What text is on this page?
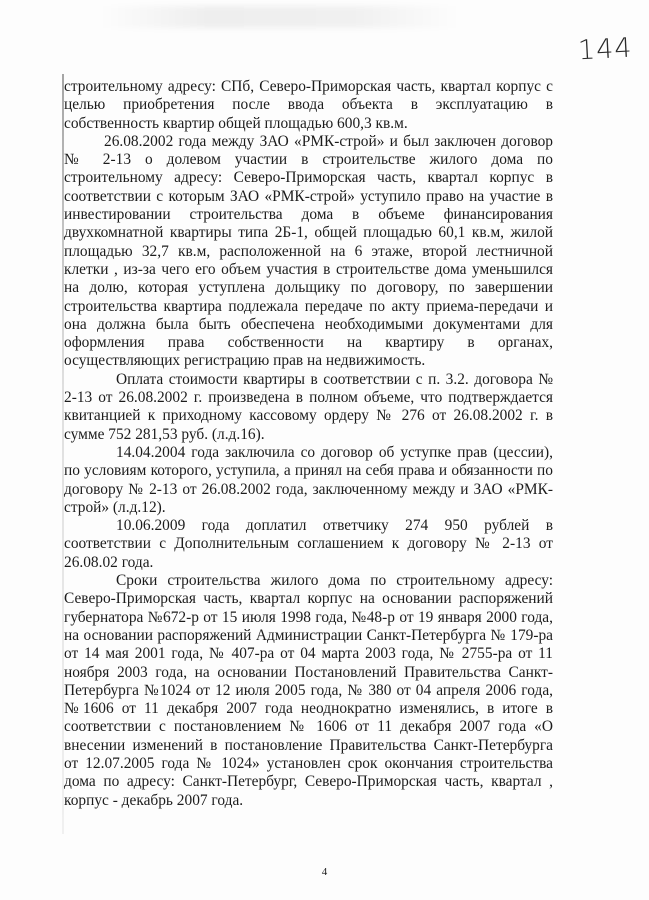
144

строительному адресу: СПб, Северо-Приморская часть, квартал корпус с целью приобретения после ввода объекта в эксплуатацию в собственность квартир общей площадью 600,3 кв.м.

26.08.2002 года между ЗАО «РМК-строй» и был заключен договор № 2-13 о долевом участии в строительстве жилого дома по строительному адресу: Северо-Приморская часть, квартал корпус в соответствии с которым ЗАО «РМК-строй» уступило право на участие в инвестировании строительства дома в объеме финансирования двухкомнатной квартиры типа 2Б-1, общей площадью 60,1 кв.м, жилой площадью 32,7 кв.м, расположенной на 6 этаже, второй лестничной клетки , из-за чего его объем участия в строительстве дома уменьшился на долю, которая уступлена дольщику по договору, по завершении строительства квартира подлежала передаче по акту приема-передачи и она должна была быть обеспечена необходимыми документами для оформления права собственности на квартиру в органах, осуществляющих регистрацию прав на недвижимость.

Оплата стоимости квартиры в соответствии с п. 3.2. договора № 2-13 от 26.08.2002 г. произведена в полном объеме, что подтверждается квитанцией к приходному кассовому ордеру № 276 от 26.08.2002 г. в сумме 752 281,53 руб. (л.д.16).

14.04.2004 года заключила со договор об уступке прав (цессии), по условиям которого, уступила, а принял на себя права и обязанности по договору № 2-13 от 26.08.2002 года, заключенному между и ЗАО «РМК-строй» (л.д.12).

10.06.2009 года доплатил ответчику 274 950 рублей в соответствии с Дополнительным соглашением к договору № 2-13 от 26.08.02 года.

Сроки строительства жилого дома по строительному адресу: Северо-Приморская часть, квартал корпус на основании распоряжений губернатора №672-р от 15 июля 1998 года, №48-р от 19 января 2000 года, на основании распоряжений Администрации Санкт-Петербурга № 179-ра от 14 мая 2001 года, № 407-ра от 04 марта 2003 года, № 2755-ра от 11 ноября 2003 года, на основании Постановлений Правительства Санкт-Петербурга №1024 от 12 июля 2005 года, № 380 от 04 апреля 2006 года, №1606 от 11 декабря 2007 года неоднократно изменялись, в итоге в соответствии с постановлением № 1606 от 11 декабря 2007 года «О внесении изменений в постановление Правительства Санкт-Петербурга от 12.07.2005 года № 1024» установлен срок окончания строительства дома по адресу: Санкт-Петербург, Северо-Приморская часть, квартал , корпус - декабрь 2007 года.

4
